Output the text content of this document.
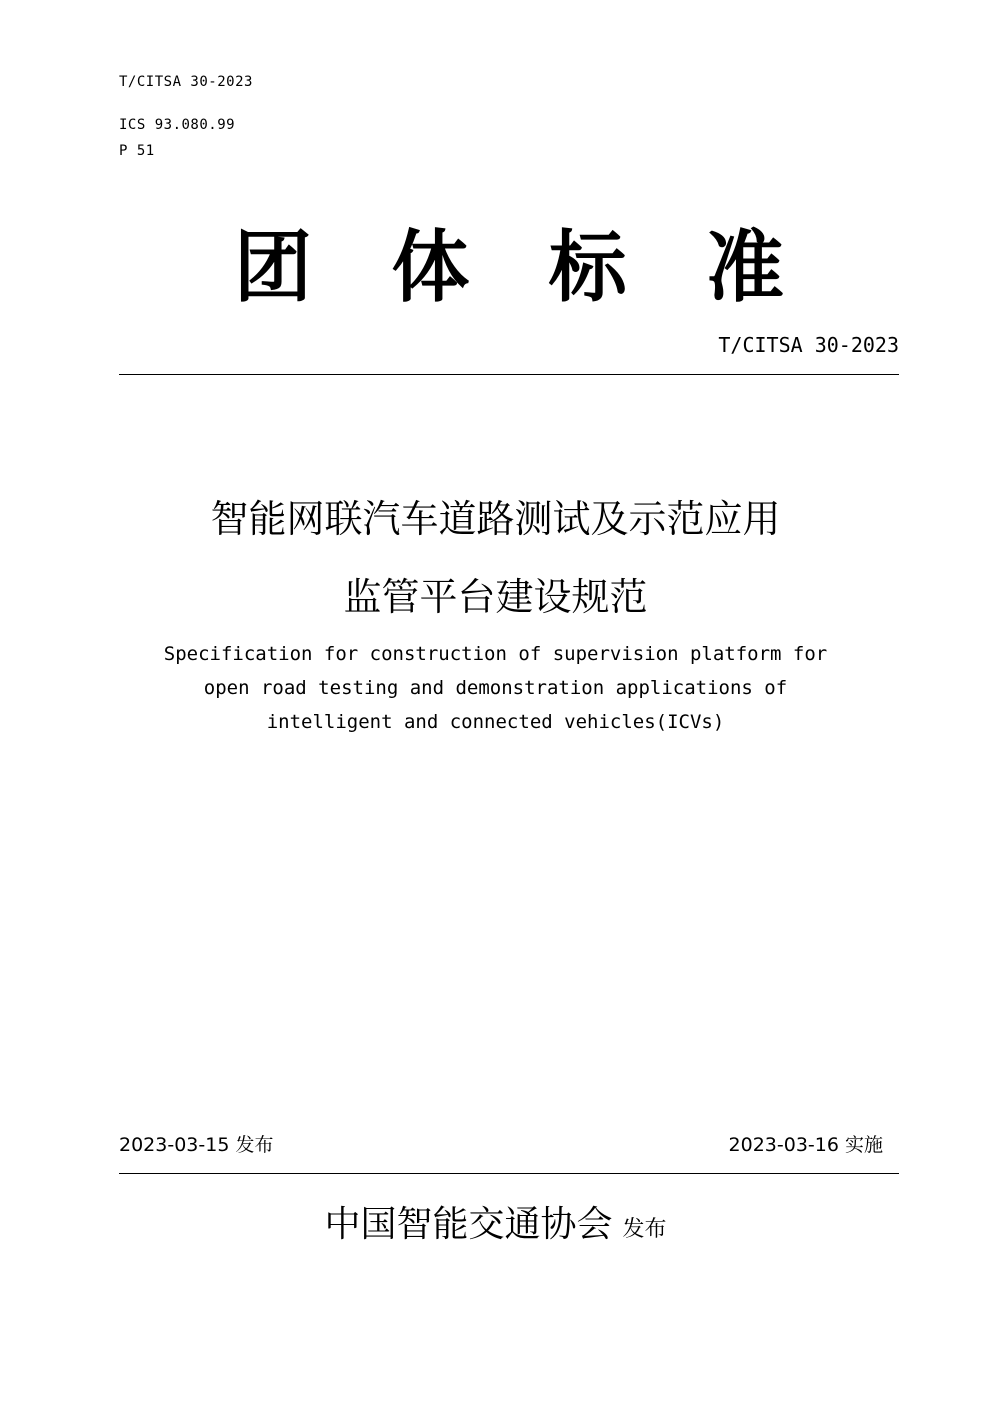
T/CITSA 30-2023
ICS 93.080.99
P 51
团 体 标 准
T/CITSA 30-2023
智能网联汽车道路测试及示范应用
监管平台建设规范
Specification for construction of supervision platform for
open road testing and demonstration applications of
intelligent and connected vehicles(ICVs)
2023-03-15 发布	2023-03-16 实施
中国智能交通协会 发布
